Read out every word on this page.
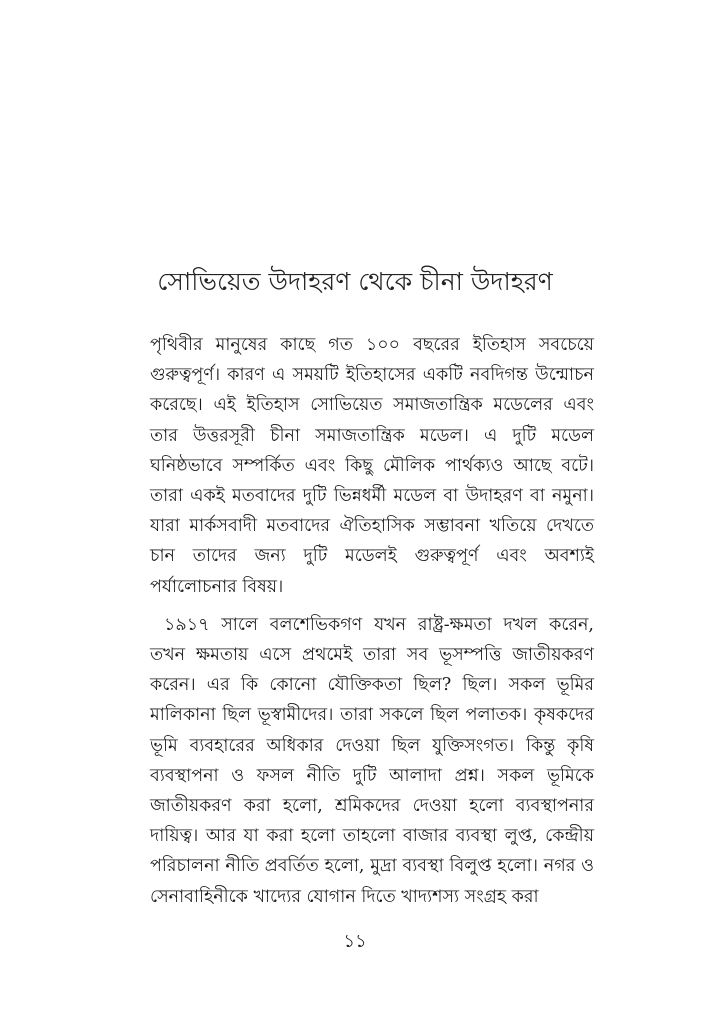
সোভিয়েত উদাহরণ থেকে চীনা উদাহরণ

পৃথিবীর মানুষের কাছে গত ১০০ বছরের ইতিহাস সবচেয়ে গুরুত্বপূর্ণ। কারণ এ সময়টি ইতিহাসের একটি নবদিগন্ত উন্মোচন করেছে। এই ইতিহাস সোভিয়েত সমাজতান্ত্রিক মডেলের এবং তার উত্তরসূরী চীনা সমাজতান্ত্রিক মডেল। এ দুটি মডেল ঘনিষ্ঠভাবে সম্পর্কিত এবং কিছু মৌলিক পার্থক্যও আছে বটে। তারা একই মতবাদের দুটি ভিন্নধর্মী মডেল বা উদাহরণ বা নমুনা। যারা মার্কসবাদী মতবাদের ঐতিহাসিক সম্ভাবনা খতিয়ে দেখতে চান তাদের জন্য দুটি মডেলই গুরুত্বপূর্ণ এবং অবশ্যই পর্যালোচনার বিষয়।

১৯১৭ সালে বলশেভিকগণ যখন রাষ্ট্র-ক্ষমতা দখল করেন, তখন ক্ষমতায় এসে প্রথমেই তারা সব ভূসম্পত্তি জাতীয়করণ করেন। এর কি কোনো যৌক্তিকতা ছিল? ছিল। সকল ভূমির মালিকানা ছিল ভূস্বামীদের। তারা সকলে ছিল পলাতক। কৃষকদের ভূমি ব্যবহারের অধিকার দেওয়া ছিল যুক্তিসংগত। কিন্তু কৃষি ব্যবস্থাপনা ও ফসল নীতি দুটি আলাদা প্রশ্ন। সকল ভূমিকে জাতীয়করণ করা হলো, শ্রমিকদের দেওয়া হলো ব্যবস্থাপনার দায়িত্ব। আর যা করা হলো তাহলো বাজার ব্যবস্থা লুপ্ত, কেন্দ্রীয় পরিচালনা নীতি প্রবর্তিত হলো, মুদ্রা ব্যবস্থা বিলুপ্ত হলো। নগর ও সেনাবাহিনীকে খাদ্যের যোগান দিতে খাদ্যশস্য সংগ্রহ করা

১১
